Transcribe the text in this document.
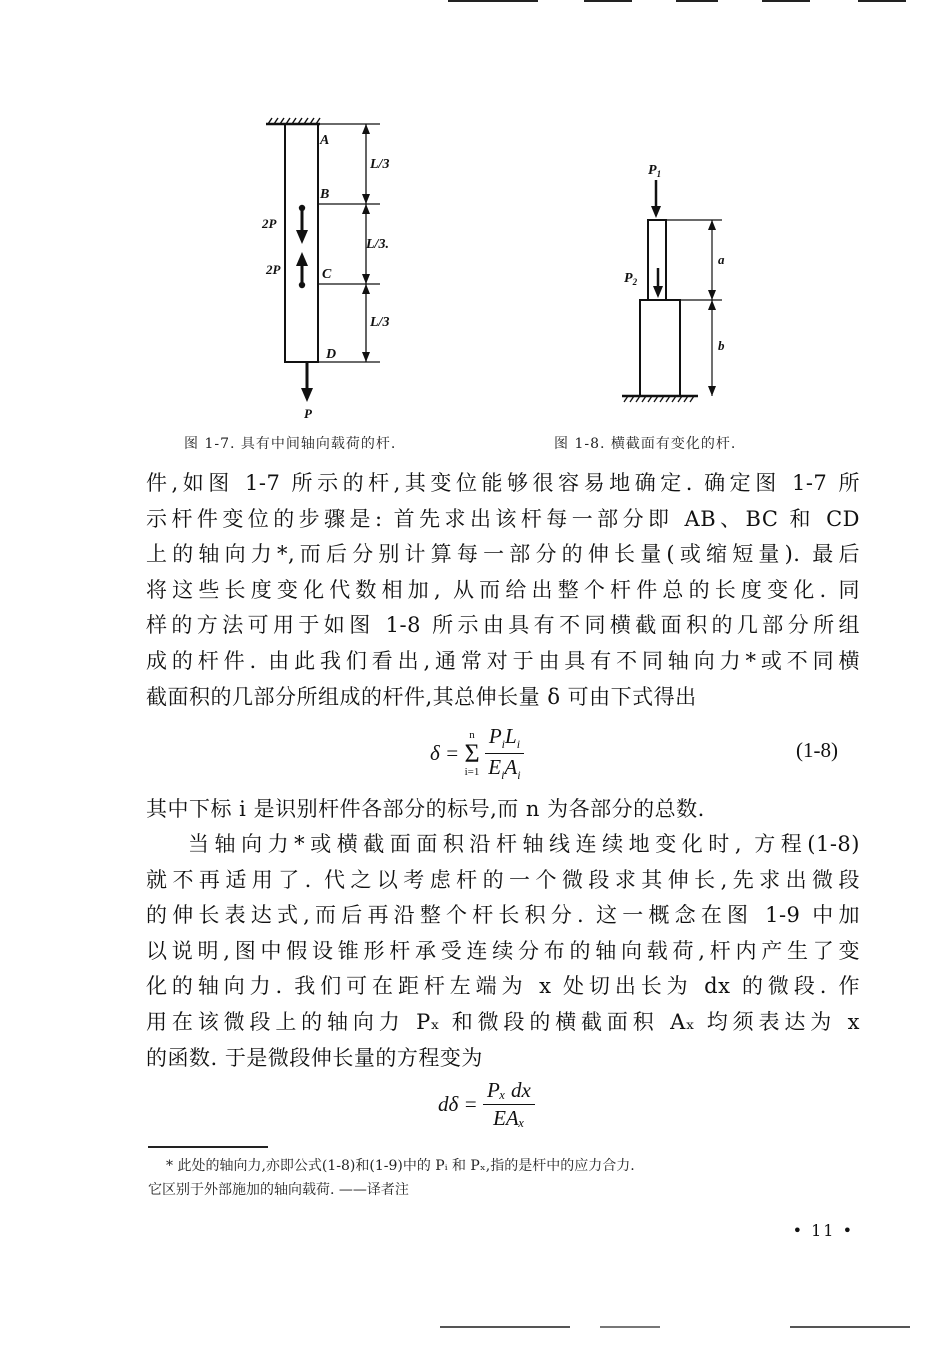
A
B
C
D
2P
2P
P
L/3
L/3.
L/3
$P_1$
$P_2$
a
b
图 1-7. 具有中间轴向载荷的杆.	图 1-8. 横截面有变化的杆.
件,如图 1-7 所示的杆,其变位能够很容易地确定. 确定图 1-7 所
示杆件变位的步骤是: 首先求出该杆每一部分即 AB、BC 和 CD
上的轴向力*,而后分别计算每一部分的伸长量(或缩短量). 最后
将这些长度变化代数相加, 从而给出整个杆件总的长度变化. 同
样的方法可用于如图 1-8 所示由具有不同横截面积的几部分所组
成的杆件. 由此我们看出,通常对于由具有不同轴向力*或不同横
截面积的几部分所组成的杆件,其总伸长量 δ 可由下式得出
δ =
n
Σ
i=1
$\frac{P_iL_i}{E_iA_i}$	(1-8)
其中下标 i 是识别杆件各部分的标号,而 n 为各部分的总数.
当轴向力*或横截面面积沿杆轴线连续地变化时, 方程(1-8)
就不再适用了. 代之以考虑杆的一个微段求其伸长,先求出微段
的伸长表达式,而后再沿整个杆长积分. 这一概念在图 1-9 中加
以说明,图中假设锥形杆承受连续分布的轴向载荷,杆内产生了变
化的轴向力. 我们可在距杆左端为 x 处切出长为 dx 的微段. 作
用在该微段上的轴向力 Pₓ 和微段的横截面积 Aₓ 均须表达为 x
的函数. 于是微段伸长量的方程变为
$d\delta = \frac{\text{Pₓ dx}}{\text{EAₓ}}$
* 此处的轴向力,亦即公式(1-8)和(1-9)中的 Pᵢ 和 Pₓ,指的是杆中的应力合力.
它区别于外部施加的轴向载荷. ——译者注
• 11 •
